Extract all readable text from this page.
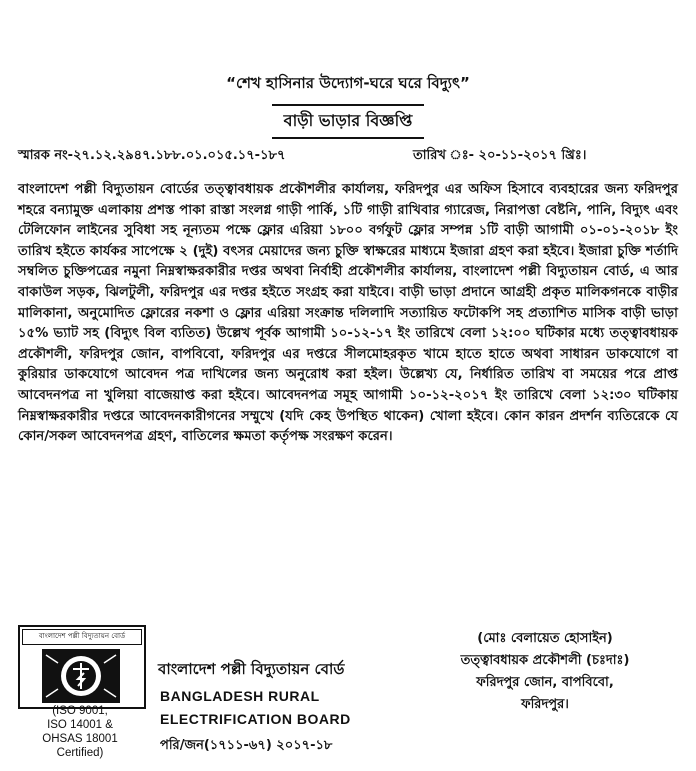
“শেখ হাসিনার উদ্যোগ-ঘরে ঘরে বিদ্যুৎ”
বাড়ী ভাড়ার বিজ্ঞপ্তি
স্মারক নং-২৭.১২.২৯৪৭.১৮৮.০১.০১৫.১৭-১৮৭	তারিখ ঃ- ২০-১১-২০১৭ খ্রিঃ।
বাংলাদেশ পল্লী বিদ্যুতায়ন বোর্ডের তত্ত্বাবধায়ক প্রকৌশলীর কার্যালয়, ফরিদপুর এর অফিস হিসাবে ব্যবহারের জন্য ফরিদপুর শহরে বন্যামুক্ত এলাকায় প্রশস্ত পাকা রাস্তা সংলগ্ন গাড়ী পার্কি, ১টি গাড়ী রাখিবার গ্যারেজ, নিরাপত্তা বেষ্টনি, পানি, বিদ্যুৎ এবং টেলিফোন লাইনের সুবিধা সহ নূন্যতম পক্ষে ফ্লোর এরিয়া ১৮০০ বর্গফুট ফ্লোর সম্পন্ন ১টি বাড়ী আগামী ০১-০১-২০১৮ ইং তারিখ হইতে কার্যকর সাপেক্ষে ২ (দুই) বৎসর মেয়াদের জন্য চুক্তি স্বাক্ষরের মাধ্যমে ইজারা গ্রহণ করা হইবে। ইজারা চুক্তি শর্তাদি সম্বলিত চুক্তিপত্রের নমুনা নিম্নস্বাক্ষরকারীর দপ্তর অথবা নির্বাহী প্রকৌশলীর কার্যালয়, বাংলাদেশ পল্লী বিদ্যুতায়ন বোর্ড, এ আর বাকাউল সড়ক, ঝিলটুলী, ফরিদপুর এর দপ্তর হইতে সংগ্রহ করা যাইবে। বাড়ী ভাড়া প্রদানে আগ্রহী প্রকৃত মালিকগনকে বাড়ীর মালিকানা, অনুমোদিত ফ্লোরের নকশা ও ফ্লোর এরিয়া সংক্রান্ত দলিলাদি সত্যায়িত ফটোকপি সহ প্রত্যাশিত মাসিক বাড়ী ভাড়া ১৫% ভ্যাট সহ (বিদ্যুৎ বিল ব্যতিত) উল্লেখ পূর্বক আগামী ১০-১২-১৭ ইং তারিখে বেলা ১২:০০ ঘটিকার মধ্যে তত্ত্বাবধায়ক প্রকৌশলী, ফরিদপুর জোন, বাপবিবো, ফরিদপুর এর দপ্তরে সীলমোহরকৃত খামে হাতে হাতে অথবা সাধারন ডাকযোগে বা কুরিয়ার ডাকযোগে আবেদন পত্র দাখিলের জন্য অনুরোধ করা হইল। উল্লেখ্য যে, নির্ধারিত তারিখ বা সময়ের পরে প্রাপ্ত আবেদনপত্র না খুলিয়া বাজেয়াপ্ত করা হইবে। আবেদনপত্র সমূহ আগামী ১০-১২-২০১৭ ইং তারিখে বেলা ১২:৩০ ঘটিকায় নিম্নস্বাক্ষরকারীর দপ্তরে আবেদনকারীগনের সম্মুখে (যদি কেহ উপস্থিত থাকেন) খোলা হইবে। কোন কারন প্রদর্শন ব্যতিরেকে যে কোন/সকল আবেদনপত্র গ্রহণ, বাতিলের ক্ষমতা কর্তৃপক্ষ সংরক্ষণ করেন।
বাংলাদেশ পল্লী বিদ্যুতায়ন বোর্ড
(ISO 9001,
ISO 14001 &
OHSAS 18001
Certified)
বাংলাদেশ পল্লী বিদ্যুতায়ন বোর্ড
BANGLADESH RURAL
ELECTRIFICATION BOARD
পরি/জন(১৭১১-৬৭) ২০১৭-১৮
(মোঃ বেলায়েত হোসাইন)
তত্ত্বাবধায়ক প্রকৌশলী (চঃদাঃ)
ফরিদপুর জোন, বাপবিবো,
ফরিদপুর।
